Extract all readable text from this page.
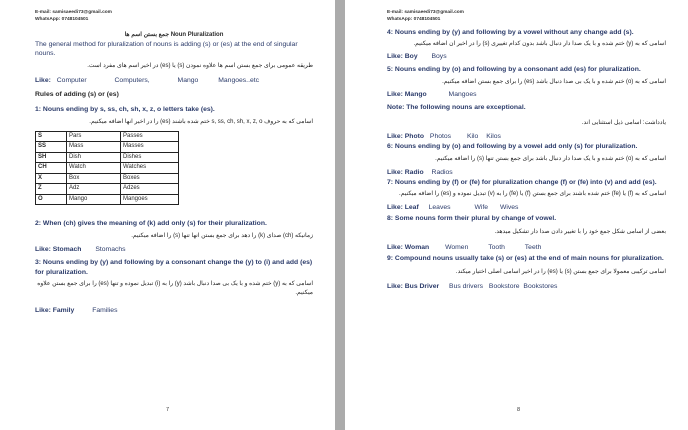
E-mail: samisaeedi73@gmail.com
WhatsApp: 0748104501
جمع بستن اسم ها Noun Pluralization
The general method for pluralization of nouns is adding (s) or (es) at the end of singular nouns.
طریقه عمومی برای جمع بستن اسم ها علاوه نمودن (s) یا (es) در اخیر اسم های مفرد است.
Like: Computer	Computers,	Mango	Mangoes..etc
Rules of adding (s) or (es)
1: Nouns ending by s, ss, ch, sh, x, z, o letters take (es).
اسامی که به حروف s, ss, ch, sh, x, z, o ختم شده باشند (es) را در اخیر انها اضافه میکنیم.
S	Pars	Passes
SS	Mass	Masses
SH	Dish	Dishes
CH	Watch	Watches
X	Box	Boxes
Z	Adz	Adzes
O	Mango	Mangoes
2: When (ch) gives the meaning of (k) add only (s) for their pluralization.
زمانیکه (ch) صدای (k) را دهد برای جمع بستن انها تنها (s) را اضافه میکنیم.
Like: Stomach Stomachs
3: Nouns ending by (y) and following by a consonant change the (y) to (i) and add (es) for pluralization.
اسامی که به (y) ختم شده و با یک بی صدا دنبال باشد (y) را به (i) تبدیل نموده و تنها (es) را برای جمع بستن علاوه میکنیم.
Like: Family	Families
7
E-mail: samisaeedi73@gmail.com
WhatsApp: 0748104501
4: Nouns ending by (y) and following by a vowel without any change add (s).
اسامی که به (y) ختم شده و با یک صدا دار دنبال باشد بدون کدام تغییری (s) را در اخیر ان اضافه میکنیم.
Like: Boy Boys
5: Nouns ending by (o) and following by a consonant add (es) for pluralization.
اسامی که به (o) ختم شده و با یک بی صدا دنبال باشد (es) را برای جمع بستن اضافه میکنیم.
Like: Mango	Mangoes
Note: The following nouns are exceptional.
یادداشت: اسامی ذیل استثنایی اند.
Like: Photo Photos Kilo Kilos
6: Nouns ending by (o) and following by a vowel add only (s) for pluralization.
اسامی که به (o) ختم شده و با یک صدا دار دنبال باشد برای جمع بستن تنها (s) را اضافه میکنیم.
Like: Radio Radios
7: Nouns ending by (f) or (fe) for pluralization change (f) or (fe) into (v) and add (es).
اسامی که به (f) یا (fe) ختم شده باشند برای جمع بستن (f) یا (fe) را به (v) تبدیل نموده و (es) را اضافه میکنیم.
Like: Leaf Leaves	Wife Wives
8: Some nouns form their plural by change of vowel.
بعضی از اسامی شکل جمع خود را با تغییر دادن صدا دار تشکیل میدهد.
Like: Woman Women	Tooth	Teeth
9: Compound nouns usually take (s) or (es) at the end of main nouns for pluralization.
اسامی ترکیبی معمولا برای جمع بستن (s) یا (es) را در اخیر اسامی اصلی اختیار میکند.
Like: Bus Driver Bus drivers Bookstore Bookstores
8
